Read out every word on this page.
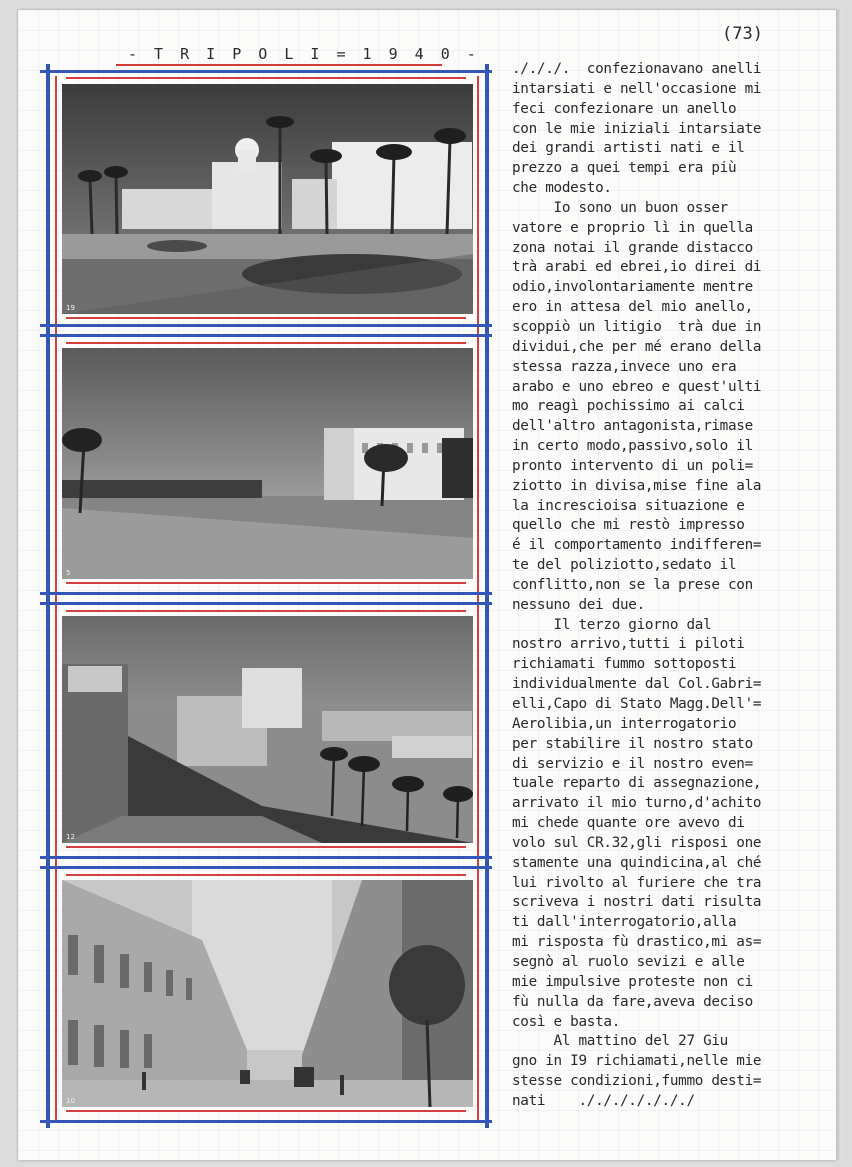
(73)
- T R I P O L I = 1 9 4 0 -
19
5
12
10
./././.  confezionavano anelli
intarsiati e nell'occasione mi
feci confezionare un anello
con le mie iniziali intarsiate
dei grandi artisti nati e il
prezzo a quei tempi era più
che modesto.
Io sono un buon osser
vatore e proprio lì in quella
zona notai il grande distacco
trà arabi ed ebrei,io direi di
odio,involontariamente mentre
ero in attesa del mio anello,
scoppiò un litigio  trà due in
dividui,che per mé erano della
stessa razza,invece uno era
arabo e uno ebreo e quest'ulti
mo reagì pochissimo ai calci
dell'altro antagonista,rimase
in certo modo,passivo,solo il
pronto intervento di un poli=
ziotto in divisa,mise fine ala
la increscioisa situazione e
quello che mi restò impresso
é il comportamento indifferen=
te del poliziotto,sedato il
conflitto,non se la prese con
nessuno dei due.
Il terzo giorno dal
nostro arrivo,tutti i piloti
richiamati fummo sottoposti
individualmente dal Col.Gabri=
elli,Capo di Stato Magg.Dell'=
Aerolibia,un interrogatorio
per stabilire il nostro stato
di servizio e il nostro even=
tuale reparto di assegnazione,
arrivato il mio turno,d'achito
mi chede quante ore avevo di
volo sul CR.32,gli risposi one
stamente una quindicina,al ché
lui rivolto al furiere che tra
scriveva i nostri dati risulta
ti dall'interrogatorio,alla
mi risposta fù drastico,mi as=
segnò al ruolo sevizi e alle
mie impulsive proteste non ci
fù nulla da fare,aveva deciso
così e basta.
Al mattino del 27 Giu
gno in I9 richiamati,nelle mie
stesse condizioni,fummo desti=
nati    ./././././././
